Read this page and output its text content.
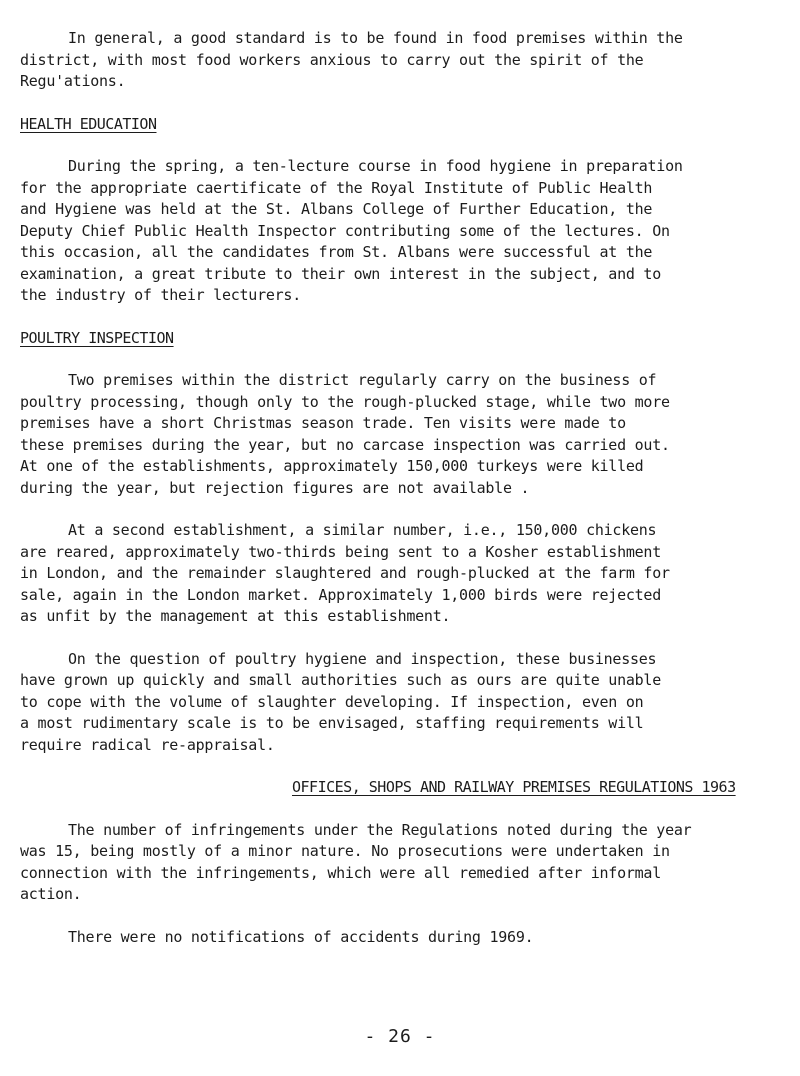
In general, a good standard is to be found in food premises within the
district, with most food workers anxious to carry out the spirit of the
Regu'ations.

HEALTH EDUCATION

During the spring, a ten-lecture course in food hygiene in preparation
for the appropriate caertificate of the Royal Institute of Public Health
and Hygiene was held at the St. Albans College of Further Education, the
Deputy Chief Public Health Inspector contributing some of the lectures. On
this occasion, all the candidates from St. Albans were successful at the
examination, a great tribute to their own interest in the subject, and to
the industry of their lecturers.

POULTRY INSPECTION

Two premises within the district regularly carry on the business of
poultry processing, though only to the rough-plucked stage, while two more
premises have a short Christmas season trade. Ten visits were made to
these premises during the year, but no carcase inspection was carried out.
At one of the establishments, approximately 150,000 turkeys were killed
during the year, but rejection figures are not available .

At a second establishment, a similar number, i.e., 150,000 chickens
are reared, approximately two-thirds being sent to a Kosher establishment
in London, and the remainder slaughtered and rough-plucked at the farm for
sale, again in the London market. Approximately 1,000 birds were rejected
as unfit by the management at this establishment.

On the question of poultry hygiene and inspection, these businesses
have grown up quickly and small authorities such as ours are quite unable
to cope with the volume of slaughter developing. If inspection, even on
a most rudimentary scale is to be envisaged, staffing requirements will
require radical re-appraisal.

OFFICES, SHOPS AND RAILWAY PREMISES REGULATIONS 1963

The number of infringements under the Regulations noted during the year
was 15, being mostly of a minor nature. No prosecutions were undertaken in
connection with the infringements, which were all remedied after informal
action.

There were no notifications of accidents during 1969.

- 26 -
